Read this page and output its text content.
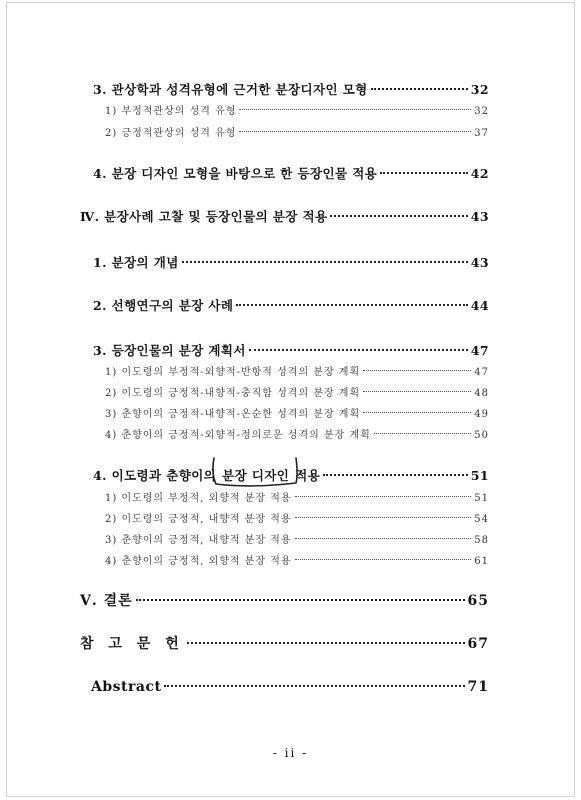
3. 관상학과 성격유형에 근거한 분장디자인 모형	32
1) 부정적관상의 성격 유형	32
2) 긍정적관상의 성격 유형	37
4. 분장 디자인 모형을 바탕으로 한 등장인물 적용	42
Ⅳ. 분장사례 고찰 및 등장인물의 분장 적용	43
1. 분장의 개념	43
2. 선행연구의 분장 사례	44
3. 등장인물의 분장 계획서	47
1) 이도령의 부정적-외향적-반항적 성격의 분장 계획	47
2) 이도령의 긍정적-내향적-충직함 성격의 분장 계획	48
3) 춘향이의 긍정적-내향적-온순한 성격의 분장 계획	49
4) 춘향이의 긍정적-외향적-정의로운 성격의 분장 계획	50
4. 이도령과 춘향이의 분장 디자인 적용	51
1) 이도령의 부정적, 외향적 분장 적용	51
2) 이도령의 긍정적, 내향적 분장 적용	54
3) 춘향이의 긍정적, 내향적 분장 적용	58
4) 춘향이의 긍정적, 외향적 분장 적용	61
Ⅴ. 결론	65
참 고 문 헌	67
Abstract	71
- ii -
